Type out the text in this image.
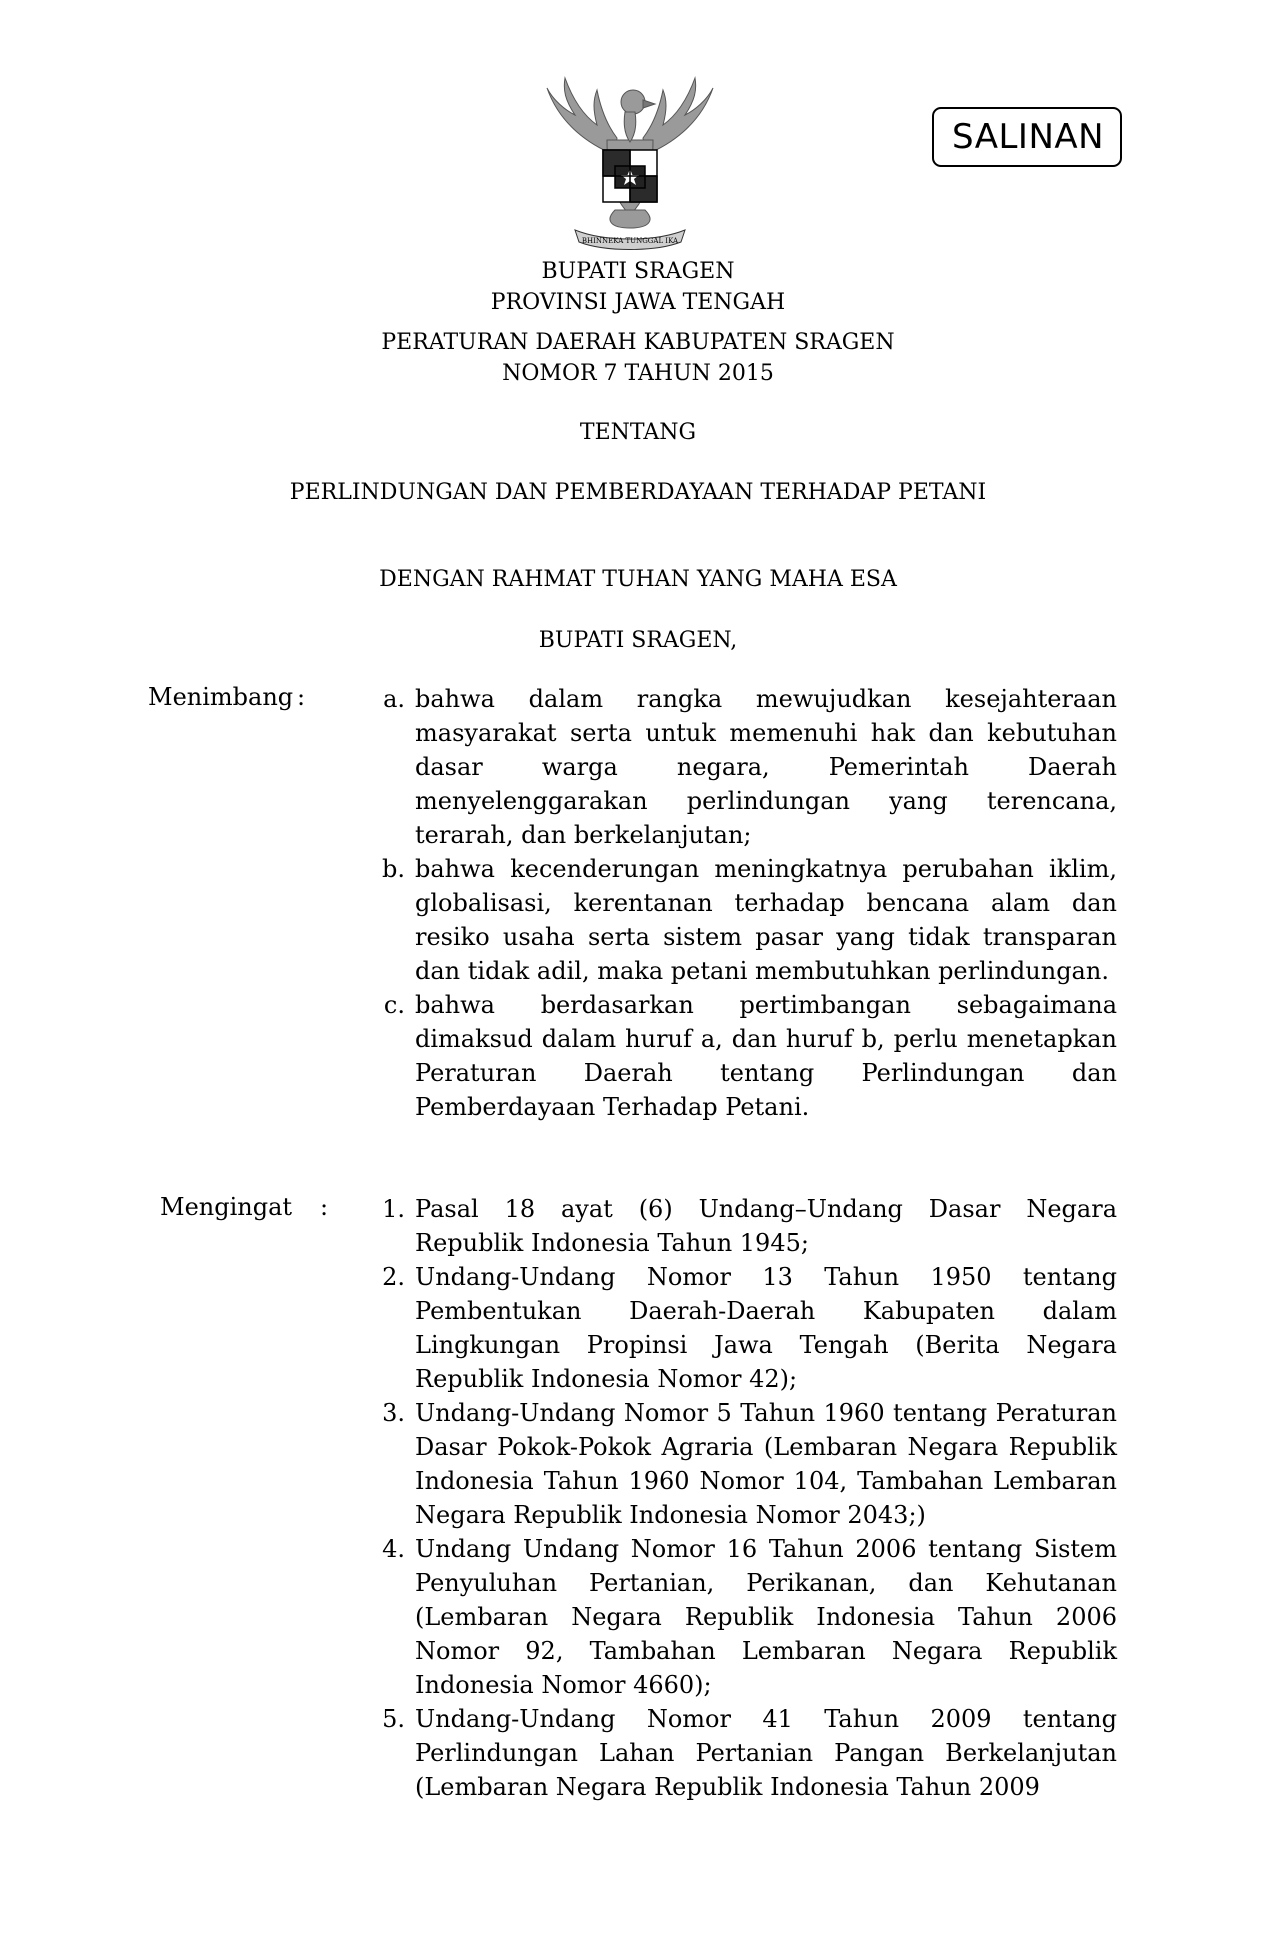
BHINNEKA TUNGGAL IKA
SALINAN
BUPATI SRAGEN
PROVINSI JAWA TENGAH
PERATURAN DAERAH KABUPATEN SRAGEN
NOMOR 7 TAHUN 2015
TENTANG
PERLINDUNGAN DAN PEMBERDAYAAN TERHADAP PETANI
DENGAN RAHMAT TUHAN YANG MAHA ESA
BUPATI SRAGEN,
Menimbang :	a. bahwa dalam rangka mewujudkan kesejahteraan masyarakat serta untuk memenuhi hak dan kebutuhan dasar warga negara, Pemerintah Daerah menyelenggarakan perlindungan yang terencana, terarah, dan berkelanjutan;
b. bahwa kecenderungan meningkatnya perubahan iklim, globalisasi, kerentanan terhadap bencana alam dan resiko usaha serta sistem pasar yang tidak transparan dan tidak adil, maka petani membutuhkan perlindungan.
c. bahwa berdasarkan pertimbangan sebagaimana dimaksud dalam huruf a, dan huruf b, perlu menetapkan Peraturan Daerah tentang Perlindungan dan Pemberdayaan Terhadap Petani.
Mengingat :	1. Pasal 18 ayat (6) Undang–Undang Dasar Negara Republik Indonesia Tahun 1945;
2. Undang-Undang Nomor 13 Tahun 1950 tentang Pembentukan Daerah-Daerah Kabupaten dalam Lingkungan Propinsi Jawa Tengah (Berita Negara Republik Indonesia Nomor 42);
3. Undang-Undang Nomor 5 Tahun 1960 tentang Peraturan Dasar Pokok-Pokok Agraria (Lembaran Negara Republik Indonesia Tahun 1960 Nomor 104, Tambahan Lembaran Negara Republik Indonesia Nomor 2043;)
4. Undang Undang Nomor 16 Tahun 2006 tentang Sistem Penyuluhan Pertanian, Perikanan, dan Kehutanan (Lembaran Negara Republik Indonesia Tahun 2006 Nomor 92, Tambahan Lembaran Negara Republik Indonesia Nomor 4660);
5. Undang-Undang Nomor 41 Tahun 2009 tentang Perlindungan Lahan Pertanian Pangan Berkelanjutan (Lembaran Negara Republik Indonesia Tahun 2009
